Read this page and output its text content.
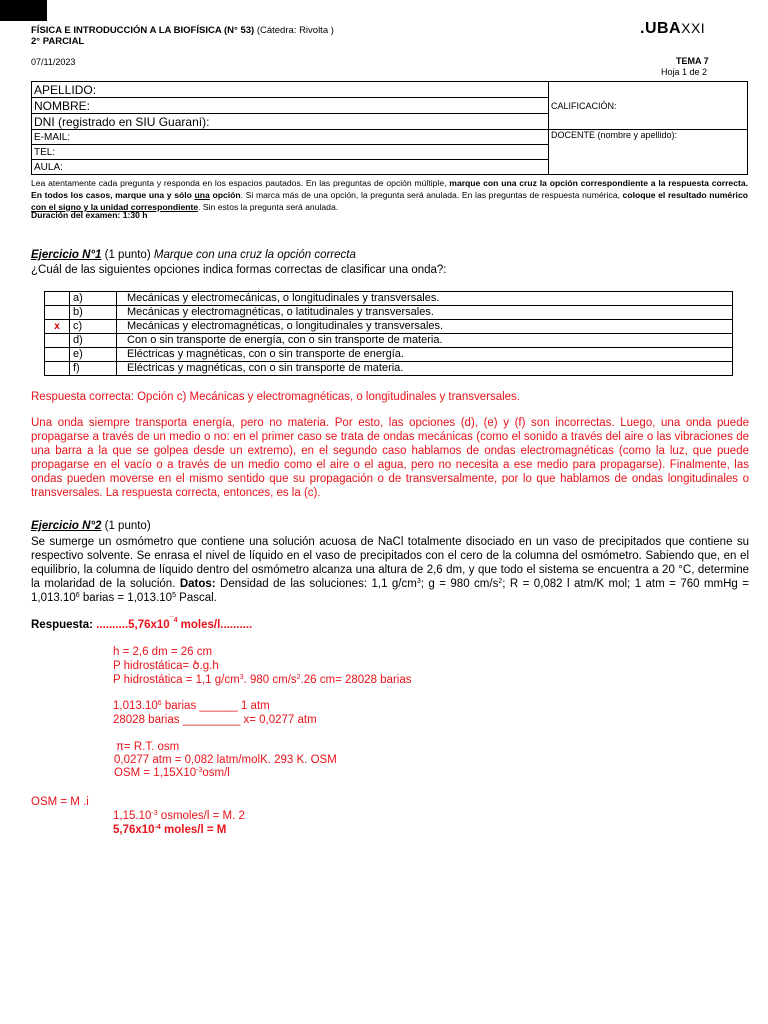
FÍSICA E INTRODUCCIÓN A LA BIOFÍSICA (N° 53) (Cátedra: Rivolta )
2° PARCIAL
.UBAXXI
07/11/2023	TEMA 7
Hoja 1 de 2
APELLIDO:	CALIFICACIÓN:
NOMBRE:	
DNI (registrado en SIU Guaraní):	
E-MAIL:	DOCENTE (nombre y apellido):
TEL:	
AULA:	
Lea atentamente cada pregunta y responda en los espacios pautados. En las preguntas de opción múltiple, marque con una cruz la opción correspondiente a la respuesta correcta. En todos los casos, marque una y sólo una opción. Si marca más de una opción, la pregunta será anulada. En las preguntas de respuesta numérica, coloque el resultado numérico con el signo y la unidad correspondiente. Sin estos la pregunta será anulada.
Duración del examen: 1:30 h
Ejercicio N°1 (1 punto) Marque con una cruz la opción correcta
¿Cuál de las siguientes opciones indica formas correctas de clasificar una onda?:
	a)	Mecánicas y electromecánicas, o longitudinales y transversales.
	b)	Mecánicas y electromagnéticas, o latitudinales y transversales.
x	c)	Mecánicas y electromagnéticas, o longitudinales y transversales.
	d)	Con o sin transporte de energía, con o sin transporte de materia.
	e)	Eléctricas y magnéticas, con o sin transporte de energía.
	f)	Eléctricas y magnéticas, con o sin transporte de materia.
Respuesta correcta: Opción c) Mecánicas y electromagnéticas, o longitudinales y transversales.
Una onda siempre transporta energía, pero no materia. Por esto, las opciones (d), (e) y (f) son incorrectas. Luego, una onda puede propagarse a través de un medio o no: en el primer caso se trata de ondas mecánicas (como el sonido a través del aire o las vibraciones de una barra a la que se golpea desde un extremo), en el segundo caso hablamos de ondas electromagnéticas (como la luz, que puede propagarse en el vacío o a través de un medio como el aire o el agua, pero no necesita a ese medio para propagarse). Finalmente, las ondas pueden moverse en el mismo sentido que su propagación o de transversalmente, por lo que hablamos de ondas longitudinales o transversales. La respuesta correcta, entonces, es la (c).
Ejercicio N°2 (1 punto)
Se sumerge un osmómetro que contiene una solución acuosa de NaCl totalmente disociado en un vaso de precipitados que contiene su respectivo solvente. Se enrasa el nivel de líquido en el vaso de precipitados con el cero de la columna del osmómetro. Sabiendo que, en el equilibrio, la columna de líquido dentro del osmómetro alcanza una altura de 2,6 dm, y que todo el sistema se encuentra a 20 °C, determine la molaridad de la solución. Datos: Densidad de las soluciones: 1,1 $g/cm^3$; g = 980 $cm/s^2$; R = 0,082 l atm/K mol; 1 atm = 760 mmHg = $1,013.10^6$ barias = $1,013.10^5$ Pascal.
Respuesta: $..........5,76x10^{¯4}$ moles/l..........
h = 2,6 dm = 26 cm
P hidrostática= ծ.g.h
P hidrostática = 1,1 $g/cm^3$. 980 $cm/s^2.26$ cm= 28028 barias
1,013.10$^6$ barias ______ 1 atm
28028 barias _________ x= 0,0277 atm
π= R.T. osm
0,0277 atm = 0,082 latm/molK. 293 K. OSM
OSM = $1,15X10^{-3}osm/l$
OSM = M .i
$1,15.10^{-3}$ osmoles/l = M. 2
$5,76x10^{-4}$ moles/l = M
